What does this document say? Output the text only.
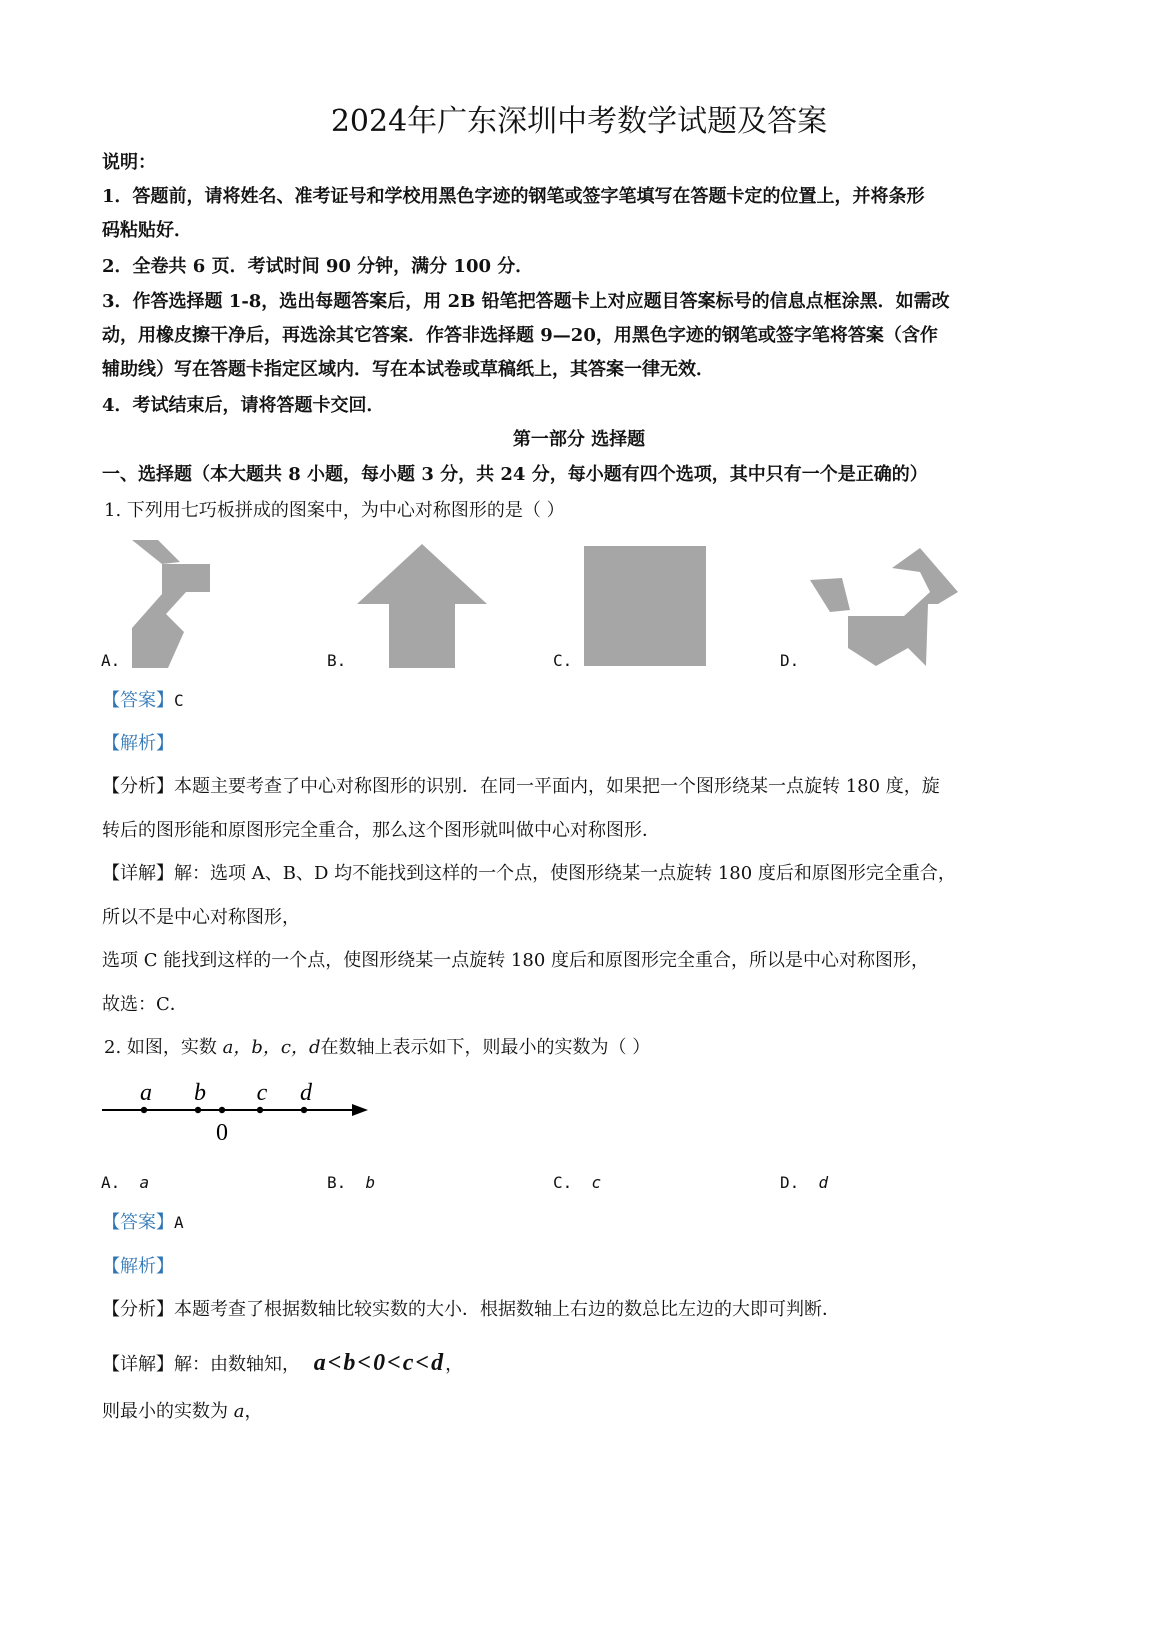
2024年广东深圳中考数学试题及答案
说明：
1．答题前，请将姓名、准考证号和学校用黑色字迹的钢笔或签字笔填写在答题卡定的位置上，并将条形
码粘贴好．
2．全卷共 6 页．考试时间 90 分钟，满分 100 分．
3．作答选择题 1-8，选出每题答案后，用 2B 铅笔把答题卡上对应题目答案标号的信息点框涂黑．如需改
动，用橡皮擦干净后，再选涂其它答案．作答非选择题 9—20，用黑色字迹的钢笔或签字笔将答案（含作
辅助线）写在答题卡指定区域内．写在本试卷或草稿纸上，其答案一律无效．
4．考试结束后，请将答题卡交回．
第一部分 选择题
一、选择题（本大题共 8 小题，每小题 3 分，共 24 分，每小题有四个选项，其中只有一个是正确的）
1. 下列用七巧板拼成的图案中，为中心对称图形的是（ ）
A.	B.	C.	D.
【答案】C
【解析】
【分析】本题主要考查了中心对称图形的识别．在同一平面内，如果把一个图形绕某一点旋转 180 度，旋
转后的图形能和原图形完全重合，那么这个图形就叫做中心对称图形．
【详解】解：选项 A、B、D 均不能找到这样的一个点，使图形绕某一点旋转 180 度后和原图形完全重合，
所以不是中心对称图形，
选项 C 能找到这样的一个点，使图形绕某一点旋转 180 度后和原图形完全重合，所以是中心对称图形，
故选：C．
2. 如图，实数 a，b，c，d在数轴上表示如下，则最小的实数为（ ）
a b c d
0
A. a	B. b	C. c	D. d
【答案】A
【解析】
【分析】本题考查了根据数轴比较实数的大小．根据数轴上右边的数总比左边的大即可判断．
【详解】解：由数轴知， a<b<0<c<d，
则最小的实数为 a，
